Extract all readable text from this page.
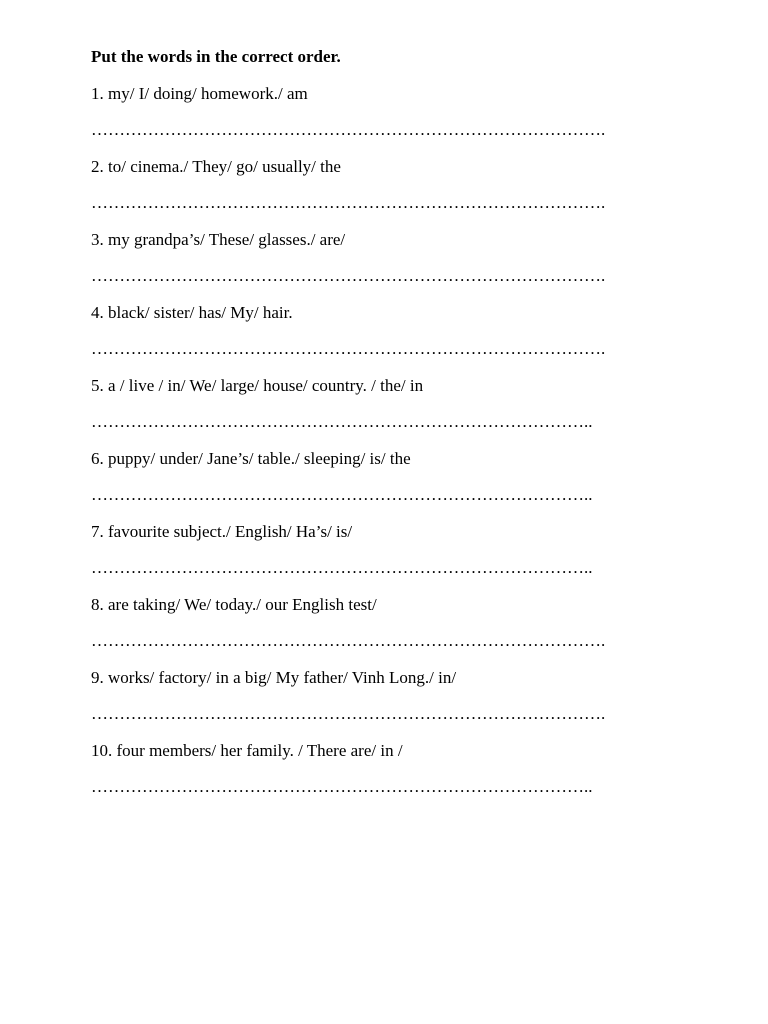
Put the words in the correct order.
1. my/ I/ doing/ homework./ am
……………………………………………………………………………….
2. to/ cinema./ They/ go/ usually/ the
……………………………………………………………………………….
3. my grandpa’s/ These/ glasses./ are/
……………………………………………………………………………….
4. black/ sister/ has/ My/ hair.
……………………………………………………………………………….
5. a / live / in/ We/ large/ house/ country. / the/ in
……………………………………………………………………………..
6. puppy/ under/ Jane’s/ table./ sleeping/ is/ the
……………………………………………………………………………..
7. favourite subject./ English/ Ha’s/ is/
……………………………………………………………………………..
8. are taking/ We/ today./ our English test/
……………………………………………………………………………….
9. works/ factory/ in a big/ My father/ Vinh Long./ in/
……………………………………………………………………………….
10. four members/ her family. / There are/ in /
……………………………………………………………………………..
